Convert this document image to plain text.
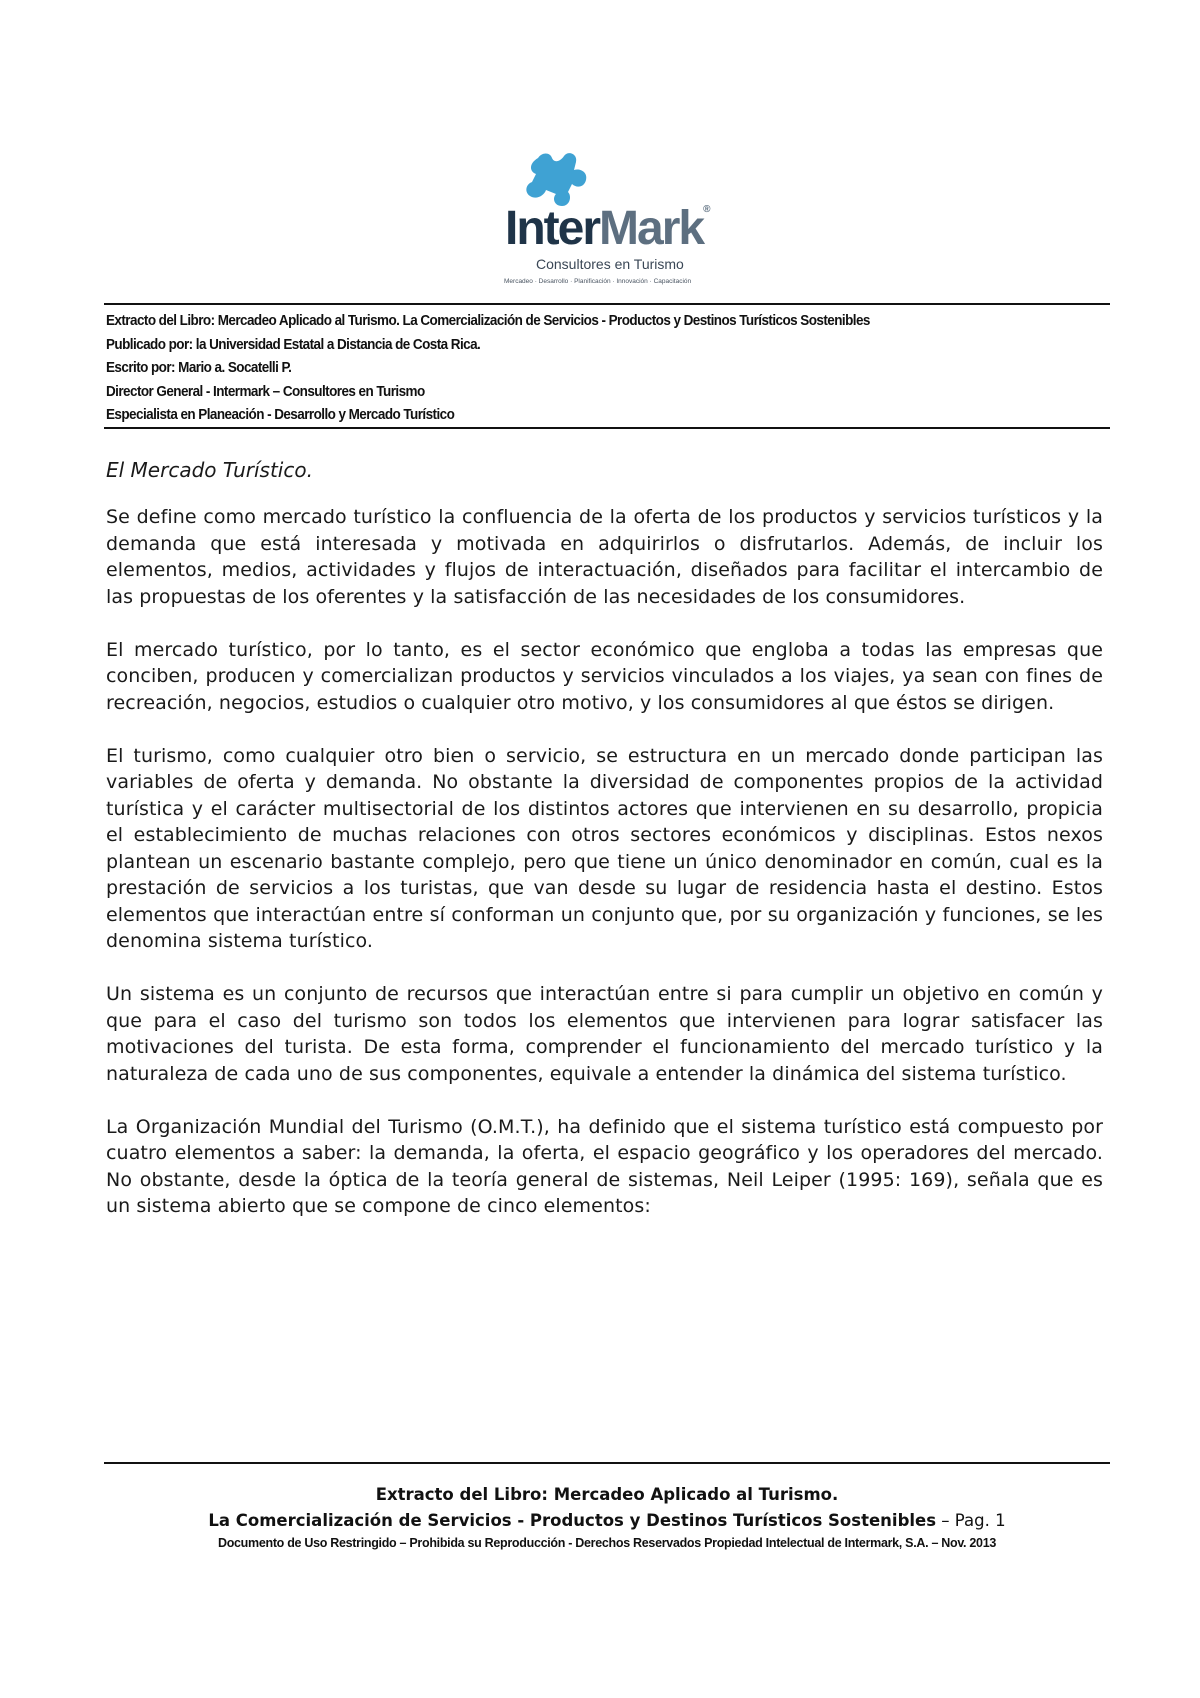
InterMark®
Consultores en Turismo
Mercadeo · Desarrollo · Planificación · Innovación · Capacitación
Extracto del Libro: Mercadeo Aplicado al Turismo. La Comercialización de Servicios - Productos y Destinos Turísticos Sostenibles
Publicado por: la Universidad Estatal a Distancia de Costa Rica.
Escrito por: Mario a. Socatelli P.
Director General - Intermark – Consultores en Turismo
Especialista en Planeación - Desarrollo y Mercado Turístico
El Mercado Turístico.

Se define como mercado turístico la confluencia de la oferta de los productos y servicios turísticos y la demanda que está interesada y motivada en adquirirlos o disfrutarlos. Además, de incluir los elementos, medios, actividades y flujos de interactuación, diseñados para facilitar el intercambio de las propuestas de los oferentes y la satisfacción de las necesidades de los consumidores.

El mercado turístico, por lo tanto, es el sector económico que engloba a todas las empresas que conciben, producen y comercializan productos y servicios vinculados a los viajes, ya sean con fines de recreación, negocios, estudios o cualquier otro motivo, y los consumidores al que éstos se dirigen.

El turismo, como cualquier otro bien o servicio, se estructura en un mercado donde participan las variables de oferta y demanda. No obstante la diversidad de componentes propios de la actividad turística y el carácter multisectorial de los distintos actores que intervienen en su desarrollo, propicia el establecimiento de muchas relaciones con otros sectores económicos y disciplinas. Estos nexos plantean un escenario bastante complejo, pero que tiene un único denominador en común, cual es la prestación de servicios a los turistas, que van desde su lugar de residencia hasta el destino. Estos elementos que interactúan entre sí conforman un conjunto que, por su organización y funciones, se les denomina sistema turístico.

Un sistema es un conjunto de recursos que interactúan entre si para cumplir un objetivo en común y que para el caso del turismo son todos los elementos que intervienen para lograr satisfacer las motivaciones del turista. De esta forma, comprender el funcionamiento del mercado turístico y la naturaleza de cada uno de sus componentes, equivale a entender la dinámica del sistema turístico.

La Organización Mundial del Turismo (O.M.T.), ha definido que el sistema turístico está compuesto por cuatro elementos a saber: la demanda, la oferta, el espacio geográfico y los operadores del mercado. No obstante, desde la óptica de la teoría general de sistemas, Neil Leiper (1995: 169), señala que es un sistema abierto que se compone de cinco elementos:

Extracto del Libro: Mercadeo Aplicado al Turismo.
La Comercialización de Servicios - Productos y Destinos Turísticos Sostenibles – Pag. 1
Documento de Uso Restringido – Prohibida su Reproducción - Derechos Reservados Propiedad Intelectual de Intermark, S.A. – Nov. 2013
